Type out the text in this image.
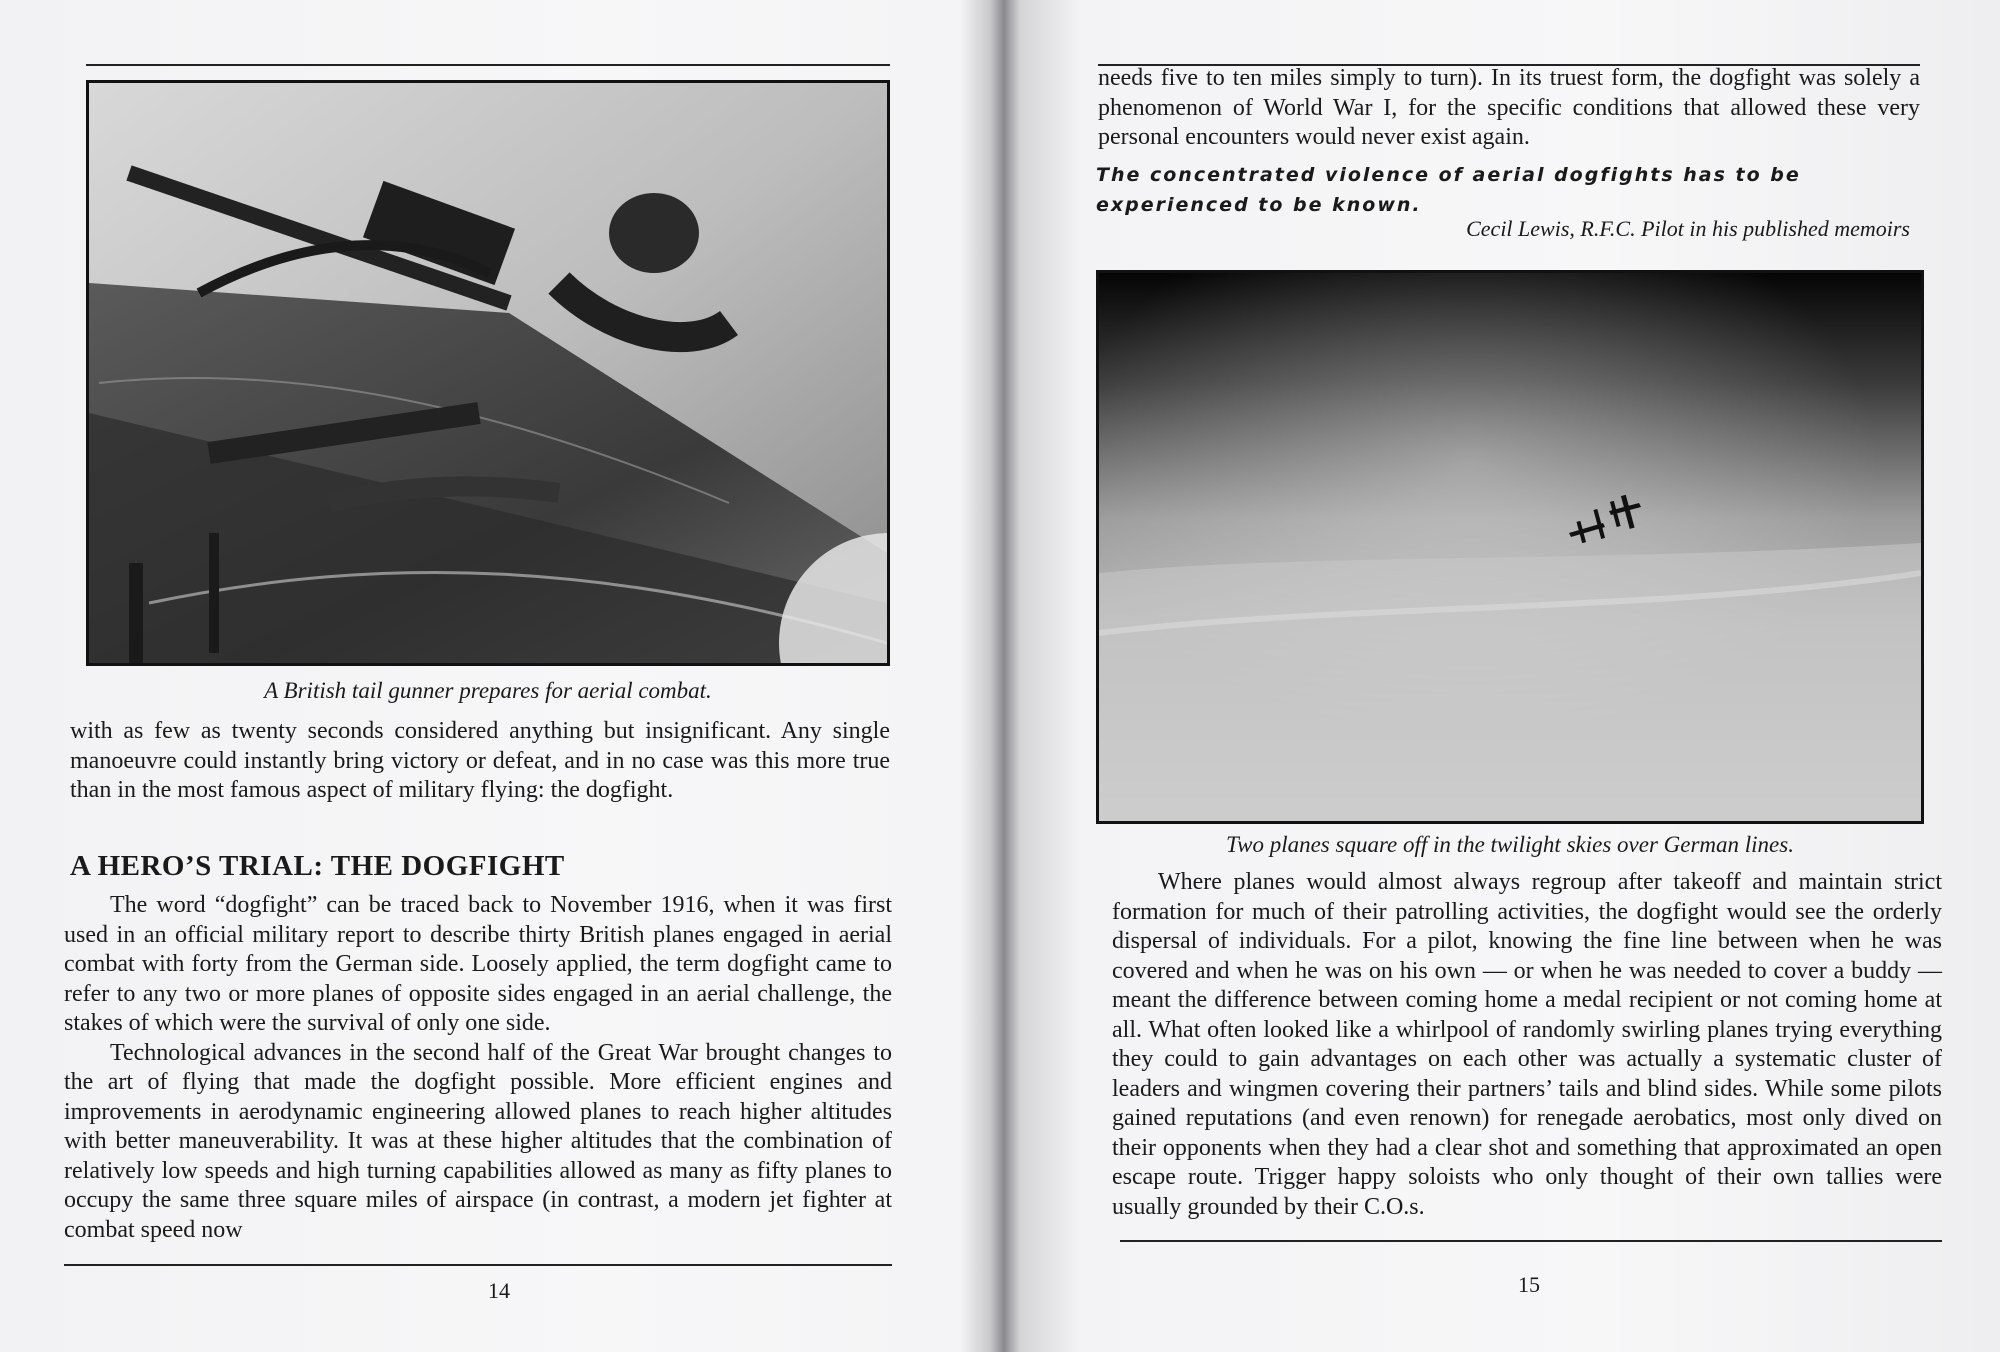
A British tail gunner prepares for aerial combat.

with as few as twenty seconds considered anything but insignificant. Any single manoeuvre could instantly bring victory or defeat, and in no case was this more true than in the most famous aspect of military flying: the dogfight.

A HERO’S TRIAL: THE DOGFIGHT

The word “dogfight” can be traced back to November 1916, when it was first used in an official military report to describe thirty British planes engaged in aerial combat with forty from the German side. Loosely applied, the term dogfight came to refer to any two or more planes of opposite sides engaged in an aerial challenge, the stakes of which were the survival of only one side.

Technological advances in the second half of the Great War brought changes to the art of flying that made the dogfight possible. More efficient engines and improvements in aerodynamic engineering allowed planes to reach higher altitudes with better maneuverability. It was at these higher altitudes that the combination of relatively low speeds and high turning capabilities allowed as many as fifty planes to occupy the same three square miles of airspace (in contrast, a modern jet fighter at combat speed now

14

needs five to ten miles simply to turn). In its truest form, the dogfight was solely a phenomenon of World War I, for the specific conditions that allowed these very personal encounters would never exist again.

The concentrated violence of aerial dogfights has to be experienced to be known.
Cecil Lewis, R.F.C. Pilot in his published memoirs
Two planes square off in the twilight skies over German lines.

Where planes would almost always regroup after takeoff and maintain strict formation for much of their patrolling activities, the dogfight would see the orderly dispersal of individuals. For a pilot, knowing the fine line between when he was covered and when he was on his own — or when he was needed to cover a buddy — meant the difference between coming home a medal recipient or not coming home at all. What often looked like a whirlpool of randomly swirling planes trying everything they could to gain advantages on each other was actually a systematic cluster of leaders and wingmen covering their partners’ tails and blind sides. While some pilots gained reputations (and even renown) for renegade aerobatics, most only dived on their opponents when they had a clear shot and something that approximated an open escape route. Trigger happy soloists who only thought of their own tallies were usually grounded by their C.O.s.

15
